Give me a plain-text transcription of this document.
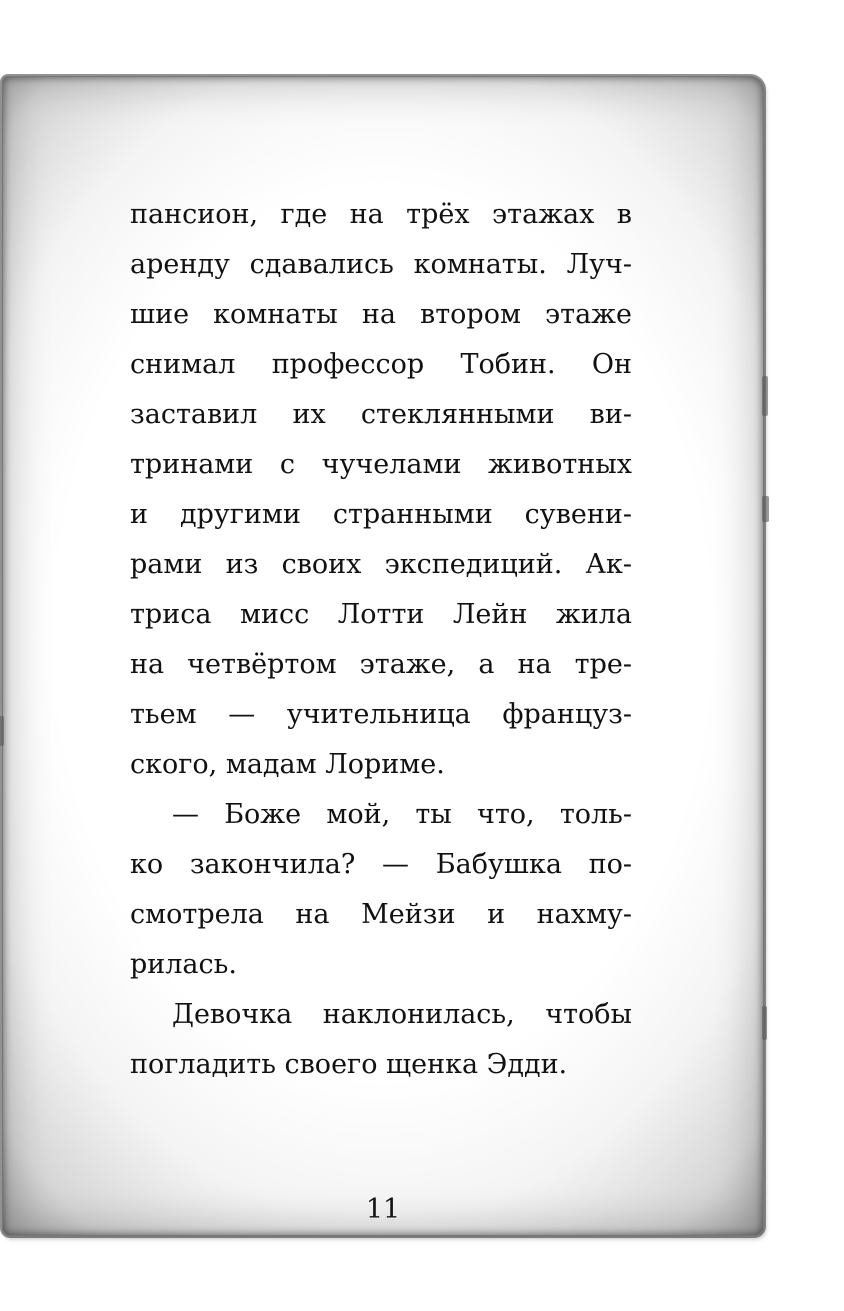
11
пансион, где на трёх этажах в
аренду сдавались комнаты. Луч-
шие комнаты на втором этаже
снимал профессор Тобин. Он
заставил их стеклянными ви-
тринами с чучелами животных
и другими странными сувени-
рами из своих экспедиций. Ак-
триса мисс Лотти Лейн жила
на четвёртом этаже, а на тре-
тьем — учительница француз-
ского, мадам Лориме.
— Боже мой, ты что, толь-
ко закончила? — Бабушка по-
смотрела на Мейзи и нахму-
рилась.
Девочка наклонилась, чтобы
погладить своего щенка Эдди.
